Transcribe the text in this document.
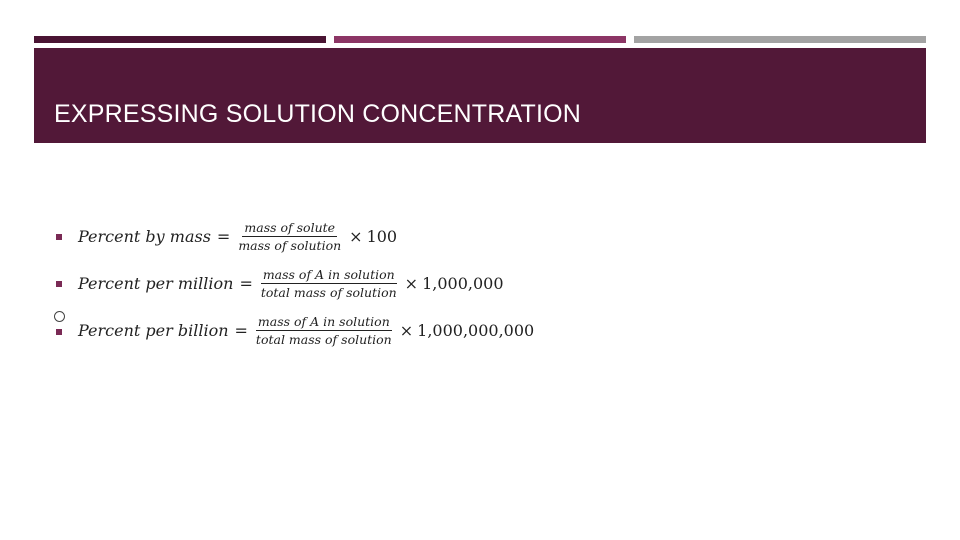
EXPRESSING SOLUTION CONCENTRATION
Percent by mass = $\frac{\text{mass of solute}}{\text{mass of solution}} \times 100$
Percent per million = $\frac{\text{mass of A in solution}}{\text{total mass of solution}} \times 1,000,000$
Percent per billion = $\frac{\text{mass of A in solution}}{\text{total mass of solution}} \times 1,000,000,000$
